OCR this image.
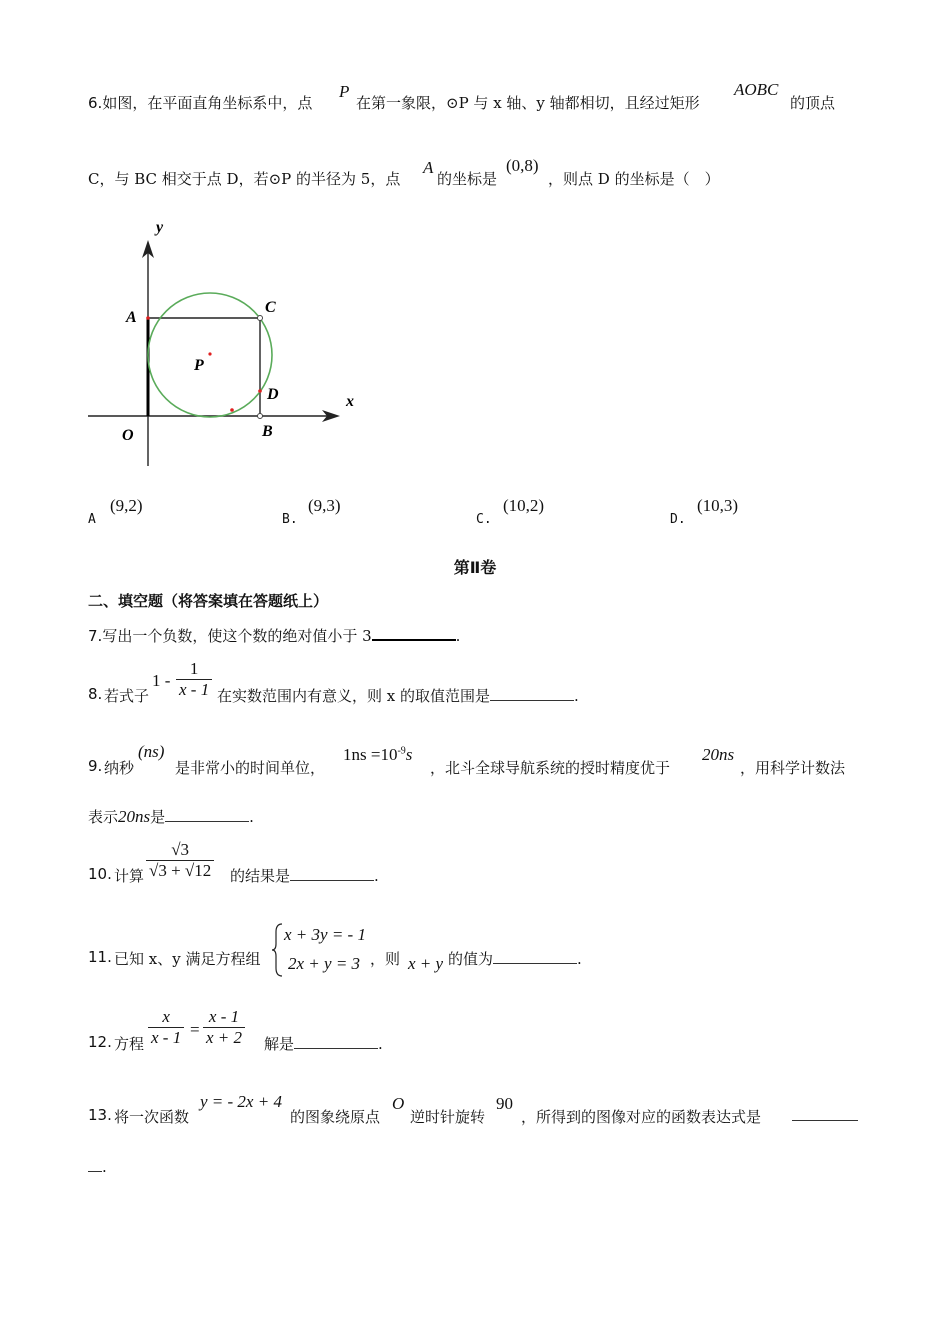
6.如图，在平面直角坐标系中，点
P
在第一象限，⊙P 与 x 轴、y 轴都相切，且经过矩形
AOBC
的顶点
C，与 BC 相交于点 D，若⊙P 的半径为 5，点
A
的坐标是
(0,8)
，则点 D 的坐标是（　）
y
x
A
C
P
D
O	B
A
(9,2)
B.
(9,3)
C.
(10,2)
D.
(10,3)
第Ⅱ卷
二、填空题（将答案填在答题纸上）
7.写出一个负数，使这个数的绝对值小于 3	.
8. 若式子
$1 - \frac{1}{x - 1}$ 在实数范围内有意义，则 x 的取值范围是	.
9. 纳秒
(ns)
是非常小的时间单位，
$1ns =10^{-9}s$
，北斗全球导航系统的授时精度优于
20ns
，用科学计数法
表示20ns是	.
10. 计算 $\frac{√3}{√3 + √12}$ 的结果是	.
11. 已知 x、y 满足方程组
x + 3y = - 1
2x + y = 3 ，则 x + y 的值为	.
12. 方程 $\frac{x}{x - 1} = \frac{x - 1}{x + 2}$ 解是	.
13. 将一次函数
y = - 2x + 4
的图象绕原点
O
逆时针旋转
90
，所得到的图像对应的函数表达式是
.
